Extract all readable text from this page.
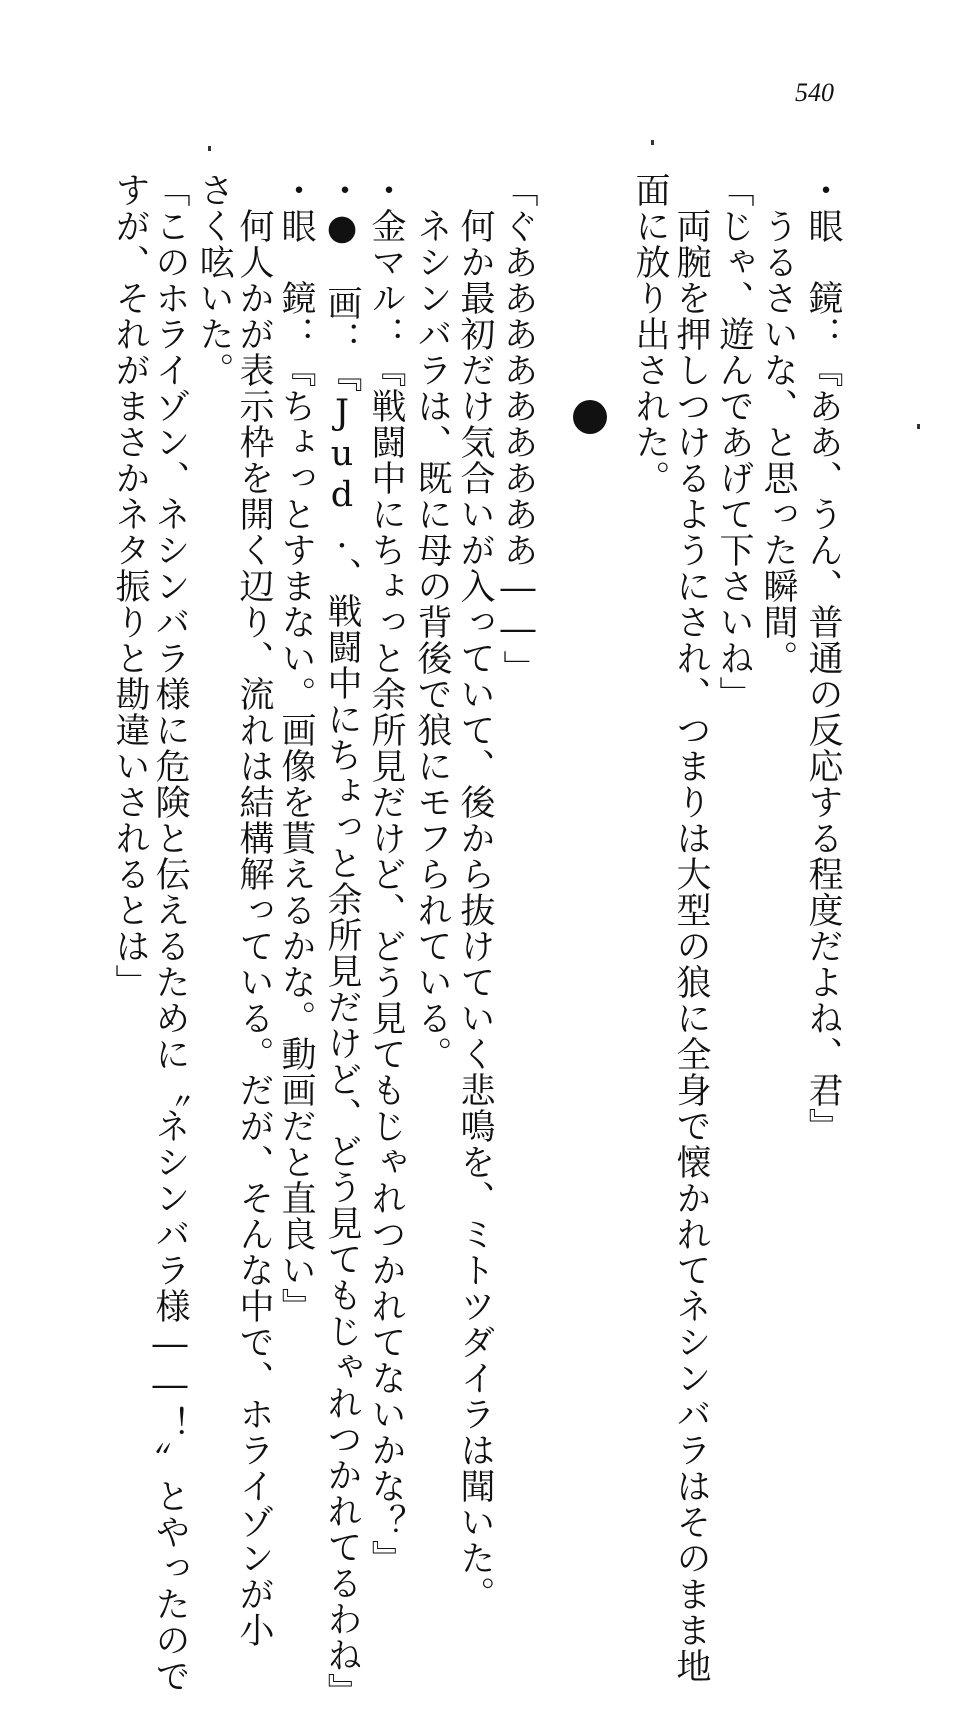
540
・眼　鏡：『ああ、うん、普通の反応する程度だよね、君』
　うるさいな、と思った瞬間。
「じゃ、遊んであげて下さいね」
　両腕を押しつけるようにされ、つまりは大型の狼に全身で懐かれてネシンバラはそのまま地
面に放り出された。
「ぐあああああああああ――」
　何か最初だけ気合いが入っていて、後から抜けていく悲鳴を、ミトツダイラは聞いた。
　ネシンバラは、既に母の背後で狼にモフられている。
・金マル：『戦闘中にちょっと余所見だけど、どう見てもじゃれつかれてないかな？』
・●　画：『Jud.、戦闘中にちょっと余所見だけど、どう見てもじゃれつかれてるわね』
・眼　鏡：『ちょっとすまない。画像を貰えるかな。動画だと直良い』
　何人かが表示枠を開く辺り、流れは結構解っている。だが、そんな中で、ホライゾンが小
さく呟いた。
「このホライゾン、ネシンバラ様に危険と伝えるために〝ネシンバラ様――！〟とやったので
すが、それがまさかネタ振りと勘違いされるとは」
